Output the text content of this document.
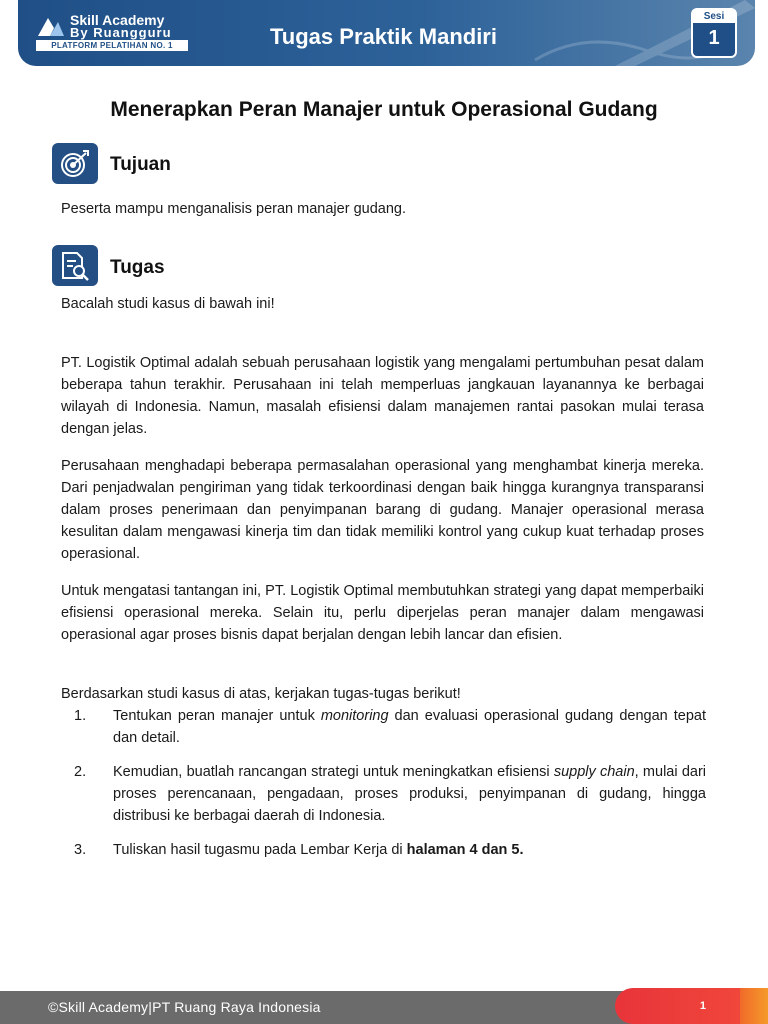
Skill Academy
By Ruangguru
PLATFORM PELATIHAN NO. 1	Tugas Praktik Mandiri
Sesi
1
Menerapkan Peran Manajer untuk Operasional Gudang
Tujuan
Peserta mampu menganalisis peran manajer gudang.
Tugas
Bacalah studi kasus di bawah ini!
PT. Logistik Optimal adalah sebuah perusahaan logistik yang mengalami pertumbuhan pesat dalam beberapa tahun terakhir. Perusahaan ini telah memperluas jangkauan layanannya ke berbagai wilayah di Indonesia. Namun, masalah efisiensi dalam manajemen rantai pasokan mulai terasa dengan jelas.
Perusahaan menghadapi beberapa permasalahan operasional yang menghambat kinerja mereka. Dari penjadwalan pengiriman yang tidak terkoordinasi dengan baik hingga kurangnya transparansi dalam proses penerimaan dan penyimpanan barang di gudang. Manajer operasional merasa kesulitan dalam mengawasi kinerja tim dan tidak memiliki kontrol yang cukup kuat terhadap proses operasional.
Untuk mengatasi tantangan ini, PT. Logistik Optimal membutuhkan strategi yang dapat memperbaiki efisiensi operasional mereka. Selain itu, perlu diperjelas peran manajer dalam mengawasi operasional agar proses bisnis dapat berjalan dengan lebih lancar dan efisien.
Berdasarkan studi kasus di atas, kerjakan tugas-tugas berikut!
1. Tentukan peran manajer untuk monitoring dan evaluasi operasional gudang dengan tepat dan detail.
2. Kemudian, buatlah rancangan strategi untuk meningkatkan efisiensi supply chain, mulai dari proses perencanaan, pengadaan, proses produksi, penyimpanan di gudang, hingga distribusi ke berbagai daerah di Indonesia.
3. Tuliskan hasil tugasmu pada Lembar Kerja di halaman 4 dan 5.
©Skill Academy|PT Ruang Raya Indonesia	1
